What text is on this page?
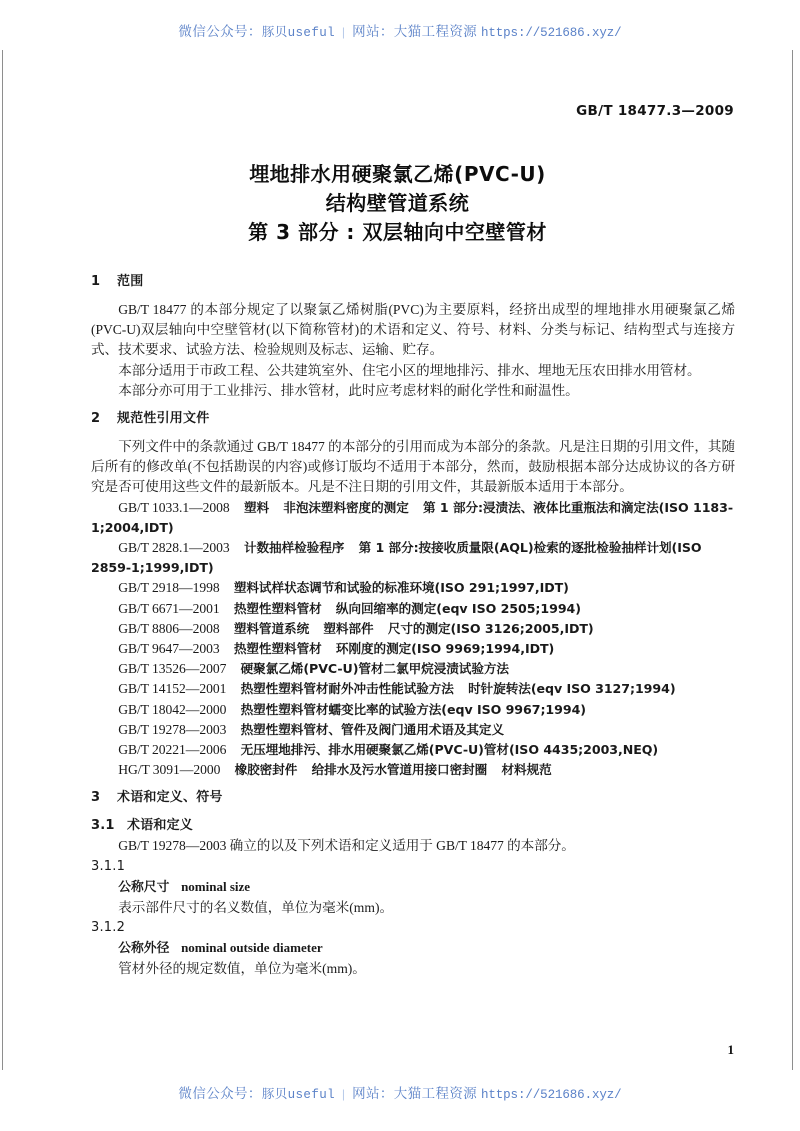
微信公众号：豚贝useful | 网站：大猫工程资源 https://521686.xyz/
GB/T 18477.3—2009
埋地排水用硬聚氯乙烯(PVC-U)
结构壁管道系统
第 3 部分 : 双层轴向中空壁管材

1 范围

GB/T 18477 的本部分规定了以聚氯乙烯树脂(PVC)为主要原料，经挤出成型的埋地排水用硬聚氯乙烯(PVC-U)双层轴向中空壁管材(以下简称管材)的术语和定义、符号、材料、分类与标记、结构型式与连接方式、技术要求、试验方法、检验规则及标志、运输、贮存。

本部分适用于市政工程、公共建筑室外、住宅小区的埋地排污、排水、埋地无压农田排水用管材。

本部分亦可用于工业排污、排水管材，此时应考虑材料的耐化学性和耐温性。

2 规范性引用文件

下列文件中的条款通过 GB/T 18477 的本部分的引用而成为本部分的条款。凡是注日期的引用文件，其随后所有的修改单(不包括勘误的内容)或修订版均不适用于本部分，然而，鼓励根据本部分达成协议的各方研究是否可使用这些文件的最新版本。凡是不注日期的引用文件，其最新版本适用于本部分。

GB/T 1033.1—2008 塑料 非泡沫塑料密度的测定 第 1 部分:浸渍法、液体比重瓶法和滴定法(ISO 1183-1;2004,IDT)

GB/T 2828.1—2003 计数抽样检验程序 第 1 部分:按接收质量限(AQL)检索的逐批检验抽样计划(ISO 2859-1;1999,IDT)

GB/T 2918—1998 塑料试样状态调节和试验的标准环境(ISO 291;1997,IDT)

GB/T 6671—2001 热塑性塑料管材 纵向回缩率的测定(eqv ISO 2505;1994)

GB/T 8806—2008 塑料管道系统 塑料部件 尺寸的测定(ISO 3126;2005,IDT)

GB/T 9647—2003 热塑性塑料管材 环刚度的测定(ISO 9969;1994,IDT)

GB/T 13526—2007 硬聚氯乙烯(PVC-U)管材二氯甲烷浸渍试验方法

GB/T 14152—2001 热塑性塑料管材耐外冲击性能试验方法 时针旋转法(eqv ISO 3127;1994)

GB/T 18042—2000 热塑性塑料管材蠕变比率的试验方法(eqv ISO 9967;1994)

GB/T 19278—2003 热塑性塑料管材、管件及阀门通用术语及其定义

GB/T 20221—2006 无压埋地排污、排水用硬聚氯乙烯(PVC-U)管材(ISO 4435;2003,NEQ)

HG/T 3091—2000 橡胶密封件 给排水及污水管道用接口密封圈 材料规范

3 术语和定义、符号

3.1 术语和定义

GB/T 19278—2003 确立的以及下列术语和定义适用于 GB/T 18477 的本部分。

3.1.1

公称尺寸 nominal size

表示部件尺寸的名义数值，单位为毫米(mm)。

3.1.2

公称外径 nominal outside diameter

管材外径的规定数值，单位为毫米(mm)。

1
微信公众号：豚贝useful | 网站：大猫工程资源 https://521686.xyz/
